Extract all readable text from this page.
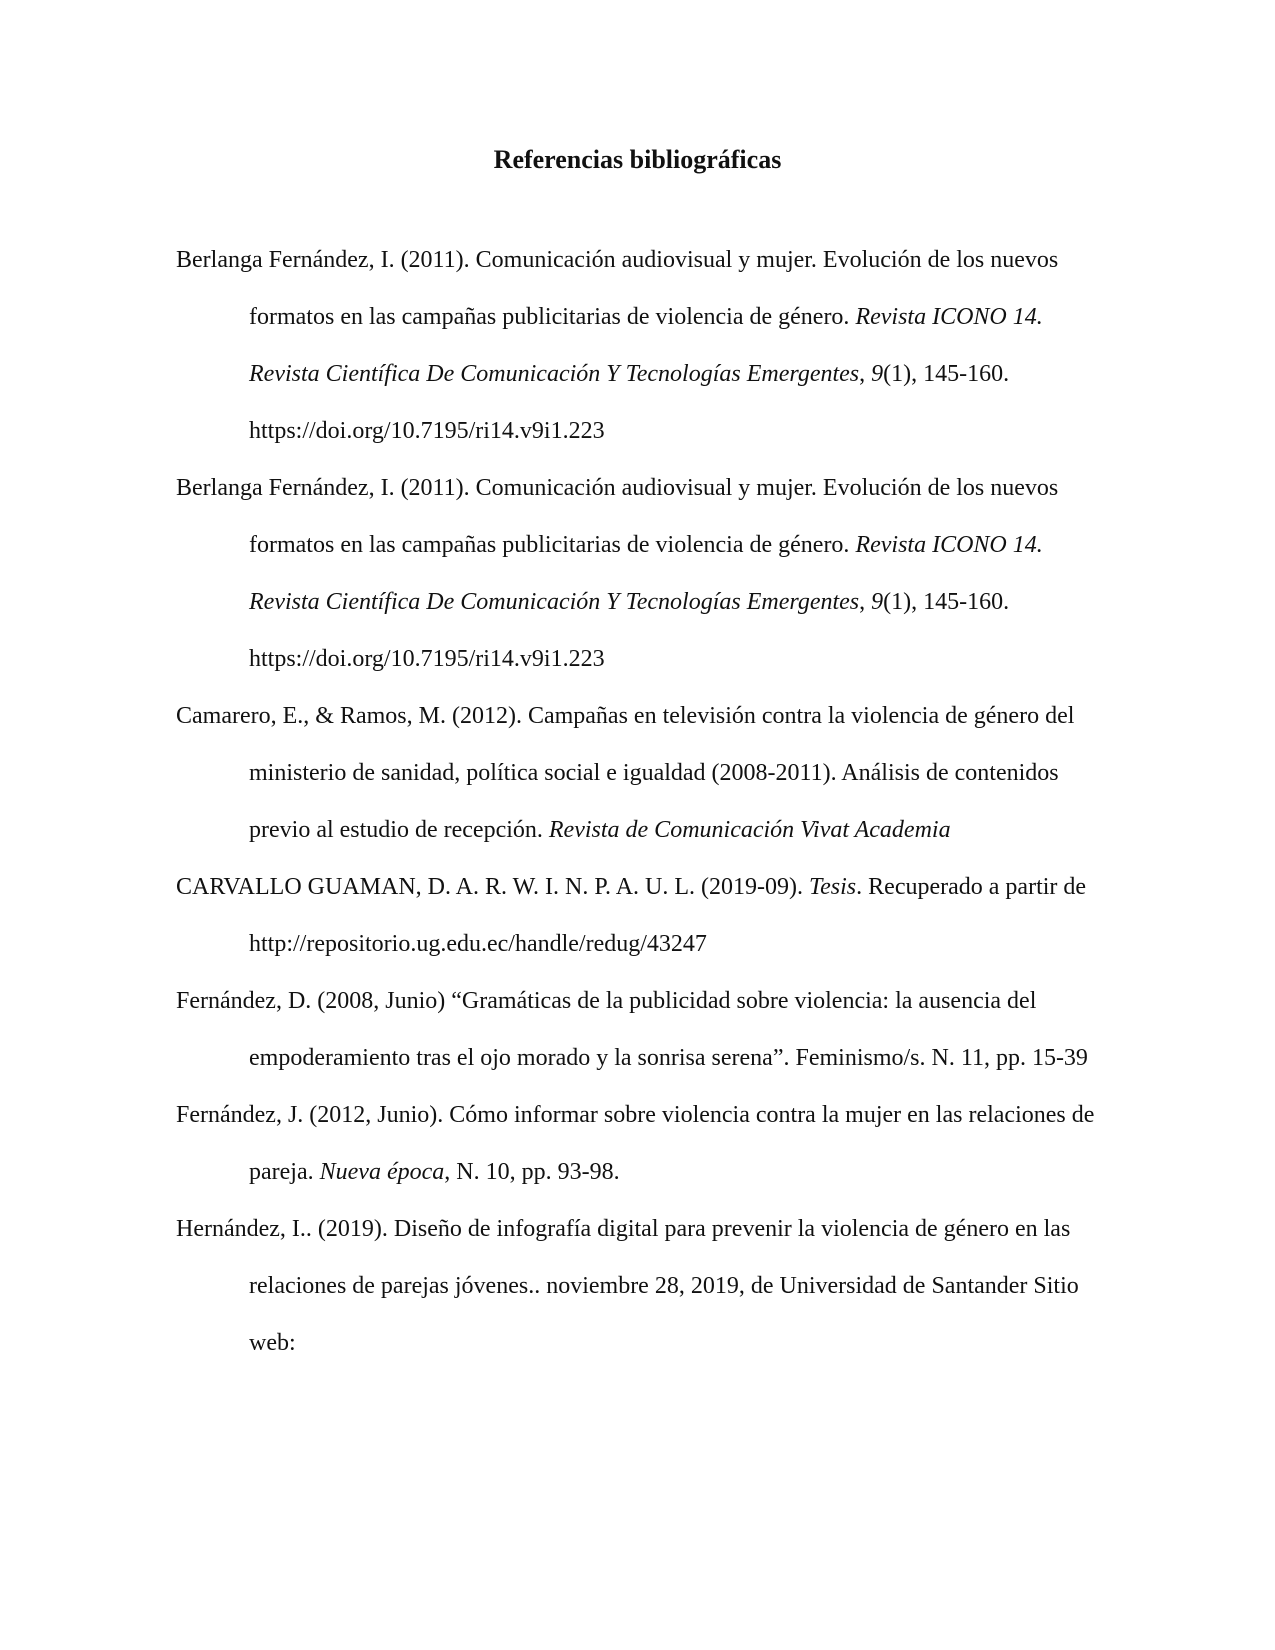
Referencias bibliográficas
Berlanga Fernández, I. (2011). Comunicación audiovisual y mujer. Evolución de los nuevos formatos en las campañas publicitarias de violencia de género. Revista ICONO 14. Revista Científica De Comunicación Y Tecnologías Emergentes, 9(1), 145-160. https://doi.org/10.7195/ri14.v9i1.223
Berlanga Fernández, I. (2011). Comunicación audiovisual y mujer. Evolución de los nuevos formatos en las campañas publicitarias de violencia de género. Revista ICONO 14. Revista Científica De Comunicación Y Tecnologías Emergentes, 9(1), 145-160. https://doi.org/10.7195/ri14.v9i1.223
Camarero, E., & Ramos, M. (2012). Campañas en televisión contra la violencia de género del ministerio de sanidad, política social e igualdad (2008-2011). Análisis de contenidos previo al estudio de recepción. Revista de Comunicación Vivat Academia
CARVALLO GUAMAN, D. A. R. W. I. N. P. A. U. L. (2019-09). Tesis. Recuperado a partir de http://repositorio.ug.edu.ec/handle/redug/43247
Fernández, D. (2008, Junio) “Gramáticas de la publicidad sobre violencia: la ausencia del empoderamiento tras el ojo morado y la sonrisa serena”. Feminismo/s. N. 11, pp. 15-39
Fernández, J. (2012, Junio). Cómo informar sobre violencia contra la mujer en las relaciones de pareja. Nueva época, N. 10, pp. 93-98.
Hernández, I.. (2019). Diseño de infografía digital para prevenir la violencia de género en las relaciones de parejas jóvenes.. noviembre 28, 2019, de Universidad de Santander Sitio web:
